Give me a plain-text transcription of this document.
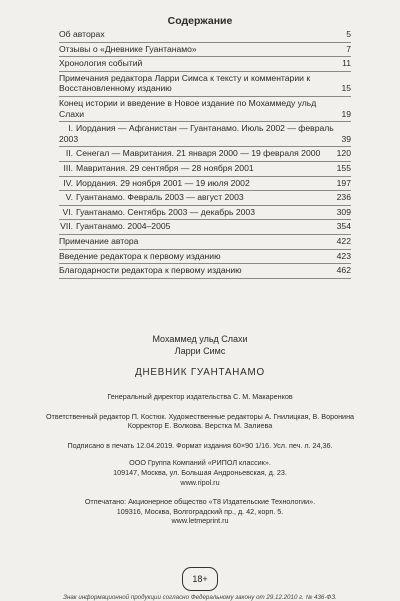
Содержание
Об авторах	5
Отзывы о «Дневнике Гуантанамо»	7
Хронология событий	11
Примечания редактора Ларри Симса к тексту и комментарии к Восстановленному изданию	15
Конец истории и введение в Новое издание по Мохаммеду ульд Слахи	19
I. Иордания — Афганистан — Гуантанамо. Июль 2002 — февраль 2003	39
II. Сенегал — Мавритания. 21 января 2000 — 19 февраля 2000	120
III. Мавритания. 29 сентября — 28 ноября 2001	155
IV. Иордания. 29 ноября 2001 — 19 июля 2002	197
V. Гуантанамо. Февраль 2003 — август 2003	236
VI. Гуантанамо. Сентябрь 2003 — декабрь 2003	309
VII. Гуантанамо. 2004–2005	354
Примечание автора	422
Введение редактора к первому изданию	423
Благодарности редактора к первому изданию	462
Мохаммед ульд Слахи
Ларри Симс
ДНЕВНИК ГУАНТАНАМО
Генеральный директор издательства С. М. Макаренков
Ответственный редактор П. Костюк. Художественные редакторы А. Гнилицкая, В. Воронина
Корректор Е. Волкова. Верстка М. Залиева
Подписано в печать 12.04.2019. Формат издания 60×90 1/16. Усл. печ. л. 24,36.
ООО Группа Компаний «РИПОЛ классик».
109147, Москва, ул. Большая Андроньевская, д. 23.
www.ripol.ru
Отпечатано: Акционерное общество «Т8 Издательские Технологии».
109316, Москва, Волгоградский пр., д. 42, корп. 5.
www.letmeprint.ru
18+
Знак информационной продукции согласно Федеральному закону от 29.12.2010 г. № 436-ФЗ.
